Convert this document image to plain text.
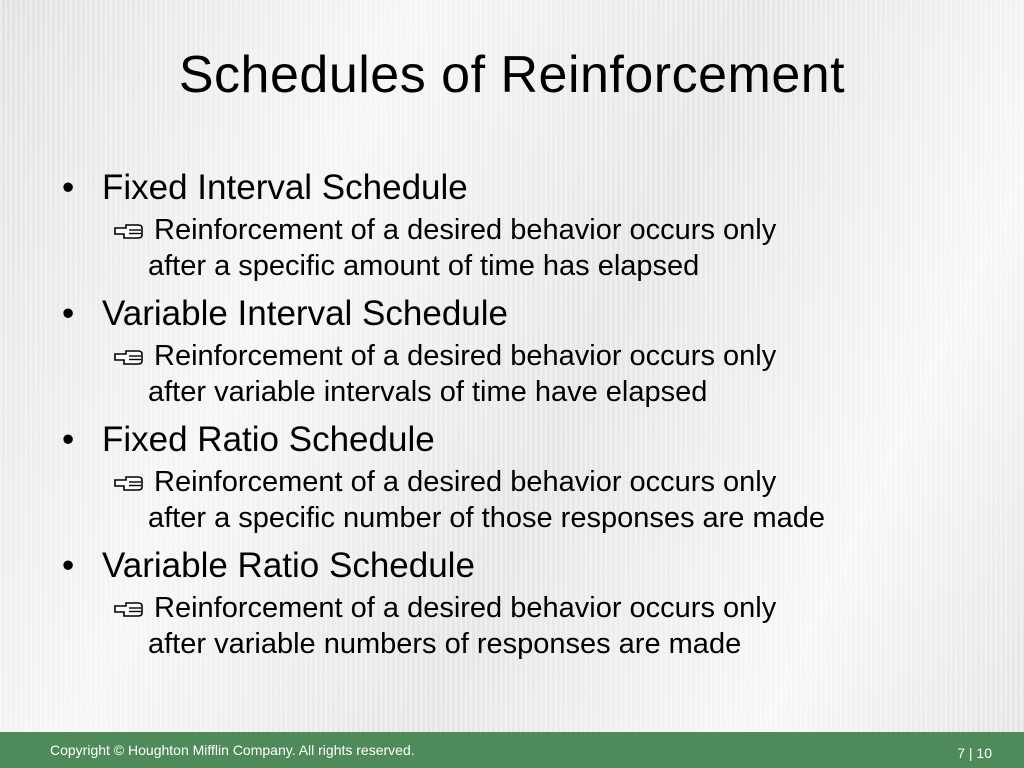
Schedules of Reinforcement
• Fixed Interval Schedule
Reinforcement of a desired behavior occurs only
after a specific amount of time has elapsed
• Variable Interval Schedule
Reinforcement of a desired behavior occurs only
after variable intervals of time have elapsed
• Fixed Ratio Schedule
Reinforcement of a desired behavior occurs only
after a specific number of those responses are made
• Variable Ratio Schedule
Reinforcement of a desired behavior occurs only
after variable numbers of responses are made
Copyright © Houghton Mifflin Company. All rights reserved.	7 | 10
